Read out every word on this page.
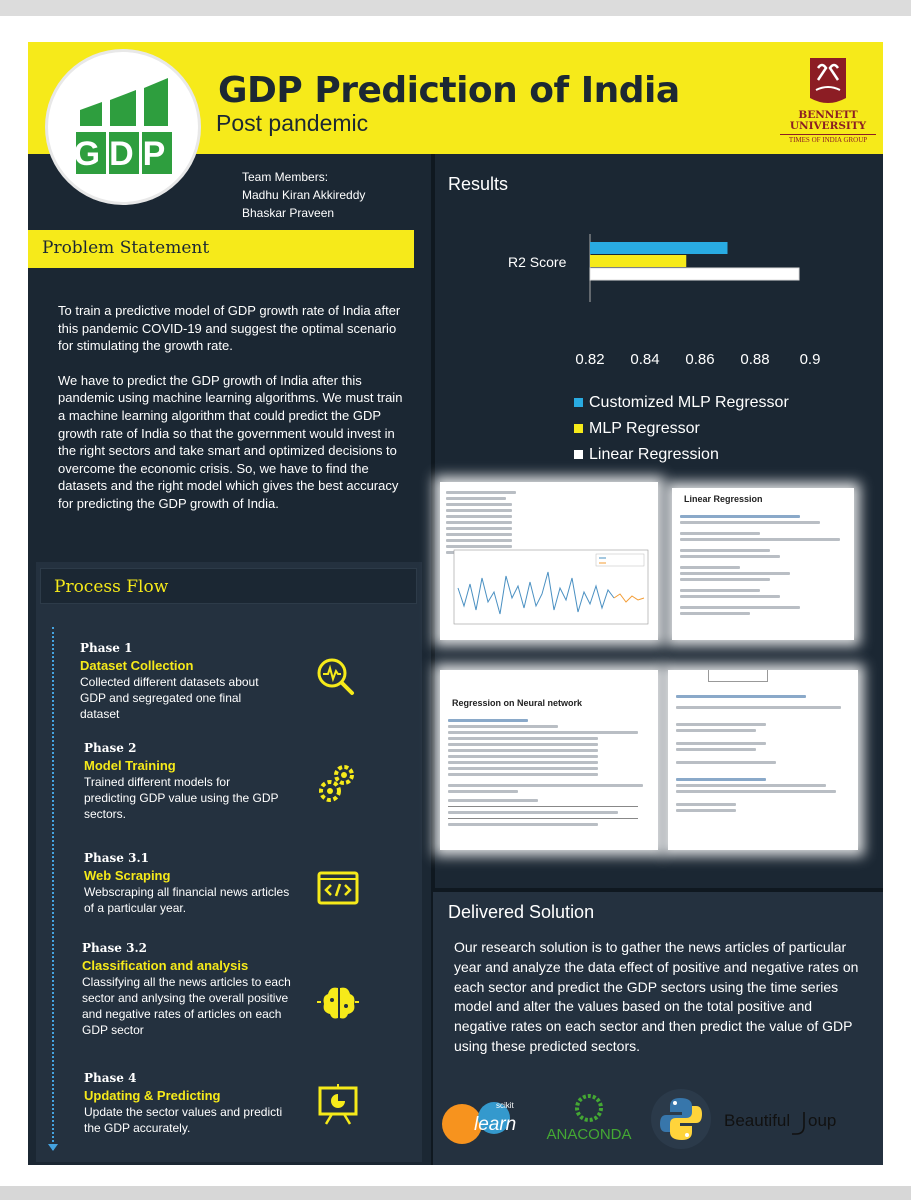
GDP Prediction of India
Post pandemic
GDP
BENNETT UNIVERSITY
TIMES OF INDIA GROUP
Team Members:
Madhu Kiran Akkireddy
Bhaskar Praveen
Problem Statement

To train a predictive model of GDP growth rate of India after this pandemic COVID-19 and suggest the optimal scenario for stimulating the growth rate.

We have to predict the GDP growth of India after this pandemic using machine learning algorithms. We must train a machine learning algorithm that could predict the GDP growth rate of India so that the government would invest in the right sectors and take smart and optimized decisions to overcome the economic crisis. So, we have to find the datasets and the right model which gives the best accuracy for predicting the GDP growth of India.

Process Flow
Phase 1
Dataset Collection
Collected different datasets about GDP and segregated one final dataset
Phase 2
Model Training
Trained different models for predicting GDP value using the GDP sectors.
Phase 3.1
Web Scraping
Webscraping all financial news articles of a particular year.
Phase 3.2
Classification and analysis
Classifying all the news articles to each sector and anlysing the overall positive and negative rates of articles on each GDP sector
Phase 4
Updating & Predicting
Update the sector values and predicti the GDP accurately.
Results
R2 Score
0.82 0.84 0.86 0.88 0.9
Customized MLP Regressor
MLP Regressor
Linear Regression
Linear Regression
Regression on Neural network
Delivered Solution
Our research solution is to gather the news articles of particular year and analyze the data effect of positive and negative rates on each sector and predict the GDP sectors using the time series model and alter the values based on the total positive and negative rates on each sector and then predict the value of GDP using these predicted sectors.
scikit
learn ANACONDA
Beautiful oup
